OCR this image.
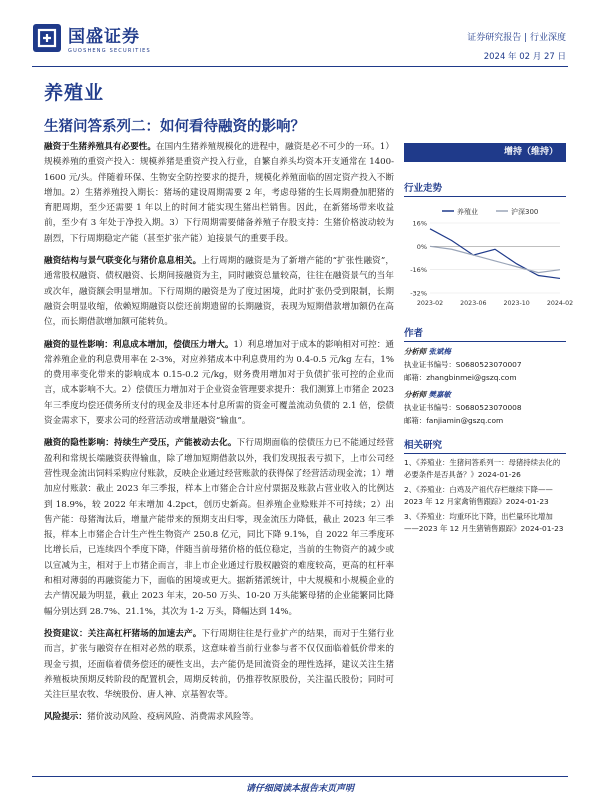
国盛证券
GUOSHENG SECURITIES
证券研究报告 | 行业深度
2024 年 02 月 27 日
养殖业
生猪问答系列二：如何看待融资的影响？

融资于生猪养殖具有必要性。在国内生猪养殖规模化的进程中，融资是必不可少的一环。1）规模养殖的重资产投入：规模养猪是重资产投入行业，自繁自养头均资本开支通常在 1400-1600 元/头。伴随着环保、生物安全防控要求的提升，规模化养殖面临的固定资产投入不断增加。2）生猪养殖投入期长：猪场的建设周期需要 2 年，考虑母猪的生长周期叠加肥猪的育肥周期，至少还需要 1 年以上的时间才能实现生猪出栏销售。因此，在新猪场带来收益前，至少有 3 年处于净投入期。3）下行周期需要储备养殖子存股支持：生猪价格波动较为剧烈，下行周期稳定产能（甚至扩张产能）迫接景气的重要手段。

融资结构与景气联变化与猪价息息相关。上行周期的融资是为了新增产能的“扩张性融资”，通常股权融资、债权融资、长期间接融资为主，同时融资总量较高，往往在融资景气的当年或次年，融资额会明显增加。下行周期的融资是为了度过困境，此时扩张仍受到限制，长期融资会明显收缩，依赖短期融资以偿还前期遗留的长期融资，表现为短期借款增加额仍在高位，而长期借款增加额可能转负。

融资的显性影响：利息成本增加，偿债压力增大。1）利息增加对于成本的影响相对可控：通常养殖企业的利息费用率在 2-3%，对应养猪成本中利息费用约为 0.4-0.5 元/kg 左右，1%的费用率变化带来的影响成本 0.15-0.2 元/kg，财务费用增加对于负债扩张可控的企业而言，成本影响不大。2）偿债压力增加对于企业资金管理要求提升：我们测算上市猪企 2023 年三季度均偿还债务所支付的现金及非还本付息所需的资金可覆盖流动负债的 2.1 倍，偿债资金需求下，要求公司的经营活动或增量融资“输血”。

融资的隐性影响：持续生产受压，产能被动去化。下行周期面临的偿债压力已不能通过经营盈利和常规长端融资获得输血，除了增加短期借款以外，我们发现报表亏损下，上市公司经营性现金流出饲料采购应付账款，反映企业通过经营账款的获得保了经营活动现金流；1）增加应付账款：截止 2023 年三季报，样本上市猪企合计应付票据及账款占营业收入的比例达到 18.9%，较 2022 年末增加 4.2pct，创历史新高。但养殖企业赊账并不可持续；2）出售产能：母猪淘汰后，增量产能带来的预期支出归零，现金流压力降低，截止 2023 年三季报，样本上市猪企合计生产性生物资产 250.8 亿元，同比下降 9.1%，自 2022 年三季度环比增长后，已连续四个季度下降，伴随当前母猪价格的低位稳定，当前的生物资产的减少或以宣减为主，相对于上市猪企而言，非上市企业通过行股权融资的难度较高，更高的杠杆率和相对薄弱的再融资能力下，面临的困境或更大。据新猪派统计，中大规模和小规模企业的去产情况最为明显，截止 2023 年末，20-50 万头、10-20 万头能繁母猪的企业能繁同比降幅分别达到 28.7%、21.1%，其次为 1-2 万头，降幅达到 14%。

投资建议：关注高杠杆猪场的加速去产。下行周期往往是行业扩产的结果，而对于生猪行业而言，扩张与融资存在相对必然的联系，这意味着当前行业参与者不仅仅面临着低价带来的现金亏损，还面临着债务偿还的硬性支出，去产能仍是回流资金的理性选择，建议关注生猪养殖板块预期反转阶段的配置机会，周期反转前，仍推荐牧原股份，关注温氏股份；同时可关注巨星农牧、华统股份、唐人神、京基智农等。

风险提示：猪价波动风险、疫病风险、消费需求风险等。

增持（维持）
行业走势
16%
0%
-16%
-32%
2023-02	2023-06	2023-10	2024-02
养殖业	沪深300
作者
分析师 张斌梅
执业证书编号：S0680523070007
邮箱：zhangbinmei@gszq.com
分析师 樊嘉敏
执业证书编号：S0680523070008
邮箱：fanjiamin@gszq.com
相关研究
1、《养殖业：生猪问答系列一：母猪持续去化的必要条件是否具备？》2024-01-26
2、《养殖业：白鸡及产祖代存栏继续下降——2023 年 12 月家禽销售跟踪》2024-01-23
3、《养殖业：均重环比下降，出栏量环比增加——2023 年 12 月生猪销售跟踪》2024-01-23
请仔细阅读本报告末页声明
